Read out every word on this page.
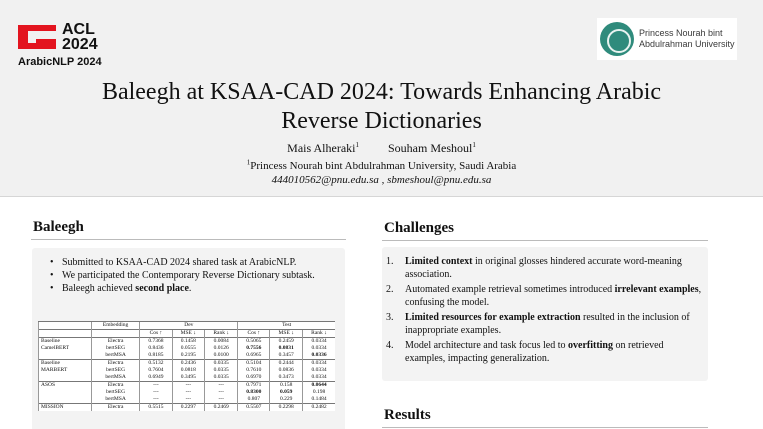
ACL
2024
ArabicNLP 2024
Princess Nourah bint
Abdulrahman University
Baleegh at KSAA-CAD 2024: Towards Enhancing Arabic Reverse Dictionaries
Mais Alheraki$^1$ Souham Meshoul$^1$
$^1$Princess Nourah bint Abdulrahman University, Saudi Arabia
444010562@pnu.edu.sa , sbmeshoul@pnu.edu.sa
Baleegh
• Submitted to KSAA-CAD 2024 shared task at ArabicNLP.
• We participated the Contemporary Reverse Dictionary subtask.
• Baleegh achieved second place.
	Embedding	Dev			Test		
		Cos ↑	MSE ↓	Rank ↓	Cos ↑	MSE ↓	Rank ↓
Baseline	Electra	0.7368	0.1458	0.0084	0.5065	0.2459	0.0334
CamelBERT	bertSEG	0.8436	0.0555	0.0126	0.7556	0.0831	0.0334
	bertMSA	0.8185	0.2195	0.0100	0.6965	0.3457	0.0336
Baseline	Electra	0.5132	0.2436	0.0335	0.5104	0.2444	0.0334
MARBERT	bertSEG	0.7604	0.0818	0.0335	0.7610	0.0836	0.0334
	bertMSA	0.6949	0.3495	0.0335	0.6970	0.3473	0.0334
ASOS	Electra	---	---	---	0.7971	0.158	0.0644
	bertSEG	---	---	---	0.8300	0.059	0.198
	bertMSA	---	---	---	0.807	0.229	0.1484
MISSION	Electra	0.5515	0.2297	0.2469	0.5507	0.2298	0.2482
Challenges
1.	Limited context in original glosses hindered accurate word-meaning association.
2.	Automated example retrieval sometimes introduced irrelevant examples, confusing the model.
3.	Limited resources for example extraction resulted in the inclusion of inappropriate examples.
4.	Model architecture and task focus led to overfitting on retrieved examples, impacting generalization.
Results
